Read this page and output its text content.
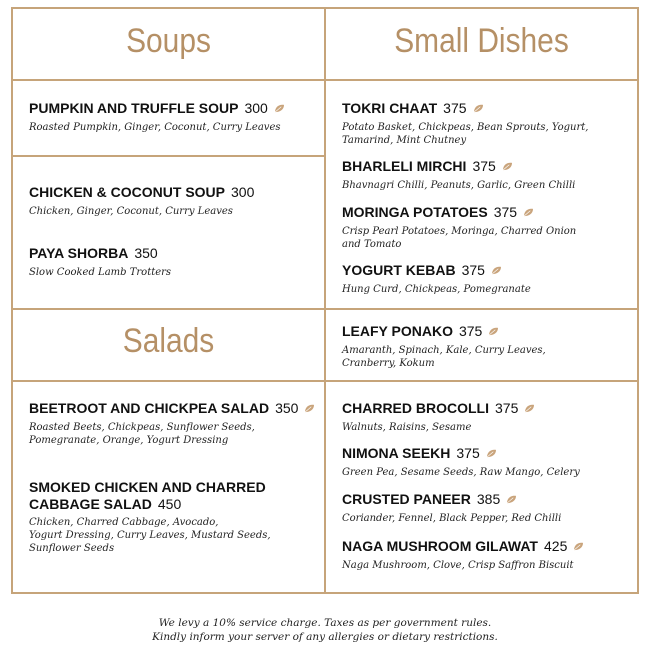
Soups	Small Dishes
Salads
PUMPKIN AND TRUFFLE SOUP 300
Roasted Pumpkin, Ginger, Coconut, Curry Leaves
CHICKEN & COCONUT SOUP 300
Chicken, Ginger, Coconut, Curry Leaves
PAYA SHORBA 350
Slow Cooked Lamb Trotters
TOKRI CHAAT 375
Potato Basket, Chickpeas, Bean Sprouts, Yogurt,
Tamarind, Mint Chutney
BHARLELI MIRCHI 375
Bhavnagri Chilli, Peanuts, Garlic, Green Chilli
MORINGA POTATOES 375
Crisp Pearl Potatoes, Moringa, Charred Onion
and Tomato
YOGURT KEBAB 375
Hung Curd, Chickpeas, Pomegranate
LEAFY PONAKO 375
Amaranth, Spinach, Kale, Curry Leaves,
Cranberry, Kokum
CHARRED BROCOLLI 375
Walnuts, Raisins, Sesame
NIMONA SEEKH 375
Green Pea, Sesame Seeds, Raw Mango, Celery
CRUSTED PANEER 385
Coriander, Fennel, Black Pepper, Red Chilli
NAGA MUSHROOM GILAWAT 425
Naga Mushroom, Clove, Crisp Saffron Biscuit
BEETROOT AND CHICKPEA SALAD 350
Roasted Beets, Chickpeas, Sunflower Seeds,
Pomegranate, Orange, Yogurt Dressing
SMOKED CHICKEN AND CHARRED
CABBAGE SALAD 450
Chicken, Charred Cabbage, Avocado,
Yogurt Dressing, Curry Leaves, Mustard Seeds,
Sunflower Seeds
We levy a 10% service charge. Taxes as per government rules.
Kindly inform your server of any allergies or dietary restrictions.
